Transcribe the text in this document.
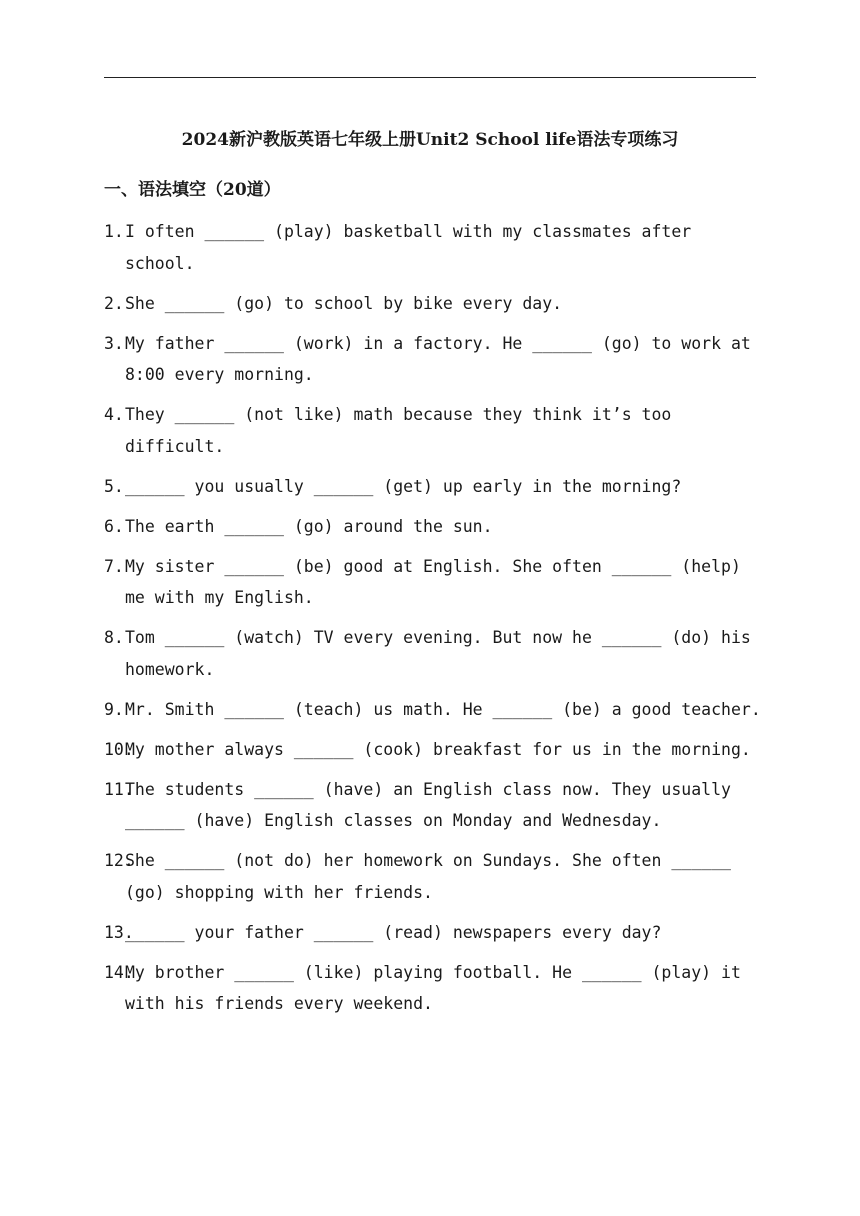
2024新沪教版英语七年级上册Unit2 School life语法专项练习
一、语法填空（20道）
1. I often ______ (play) basketball with my classmates after school.
2. She ______ (go) to school by bike every day.
3. My father ______ (work) in a factory. He ______ (go) to work at 8:00 every morning.
4. They ______ (not like) math because they think it’s too difficult.
5. ______ you usually ______ (get) up early in the morning?
6. The earth ______ (go) around the sun.
7. My sister ______ (be) good at English. She often ______ (help) me with my English.
8. Tom ______ (watch) TV every evening. But now he ______ (do) his homework.
9. Mr. Smith ______ (teach) us math. He ______ (be) a good teacher.
10.
My mother always ______ (cook) breakfast for us in the morning.
11.
The students ______ (have) an English class now. They usually ______ (have) English classes on Monday and Wednesday.
12.
She ______ (not do) her homework on Sundays. She often ______ (go) shopping with her friends.
13.
______ your father ______ (read) newspapers every day?
14.
My brother ______ (like) playing football. He ______ (play) it with his friends every weekend.
